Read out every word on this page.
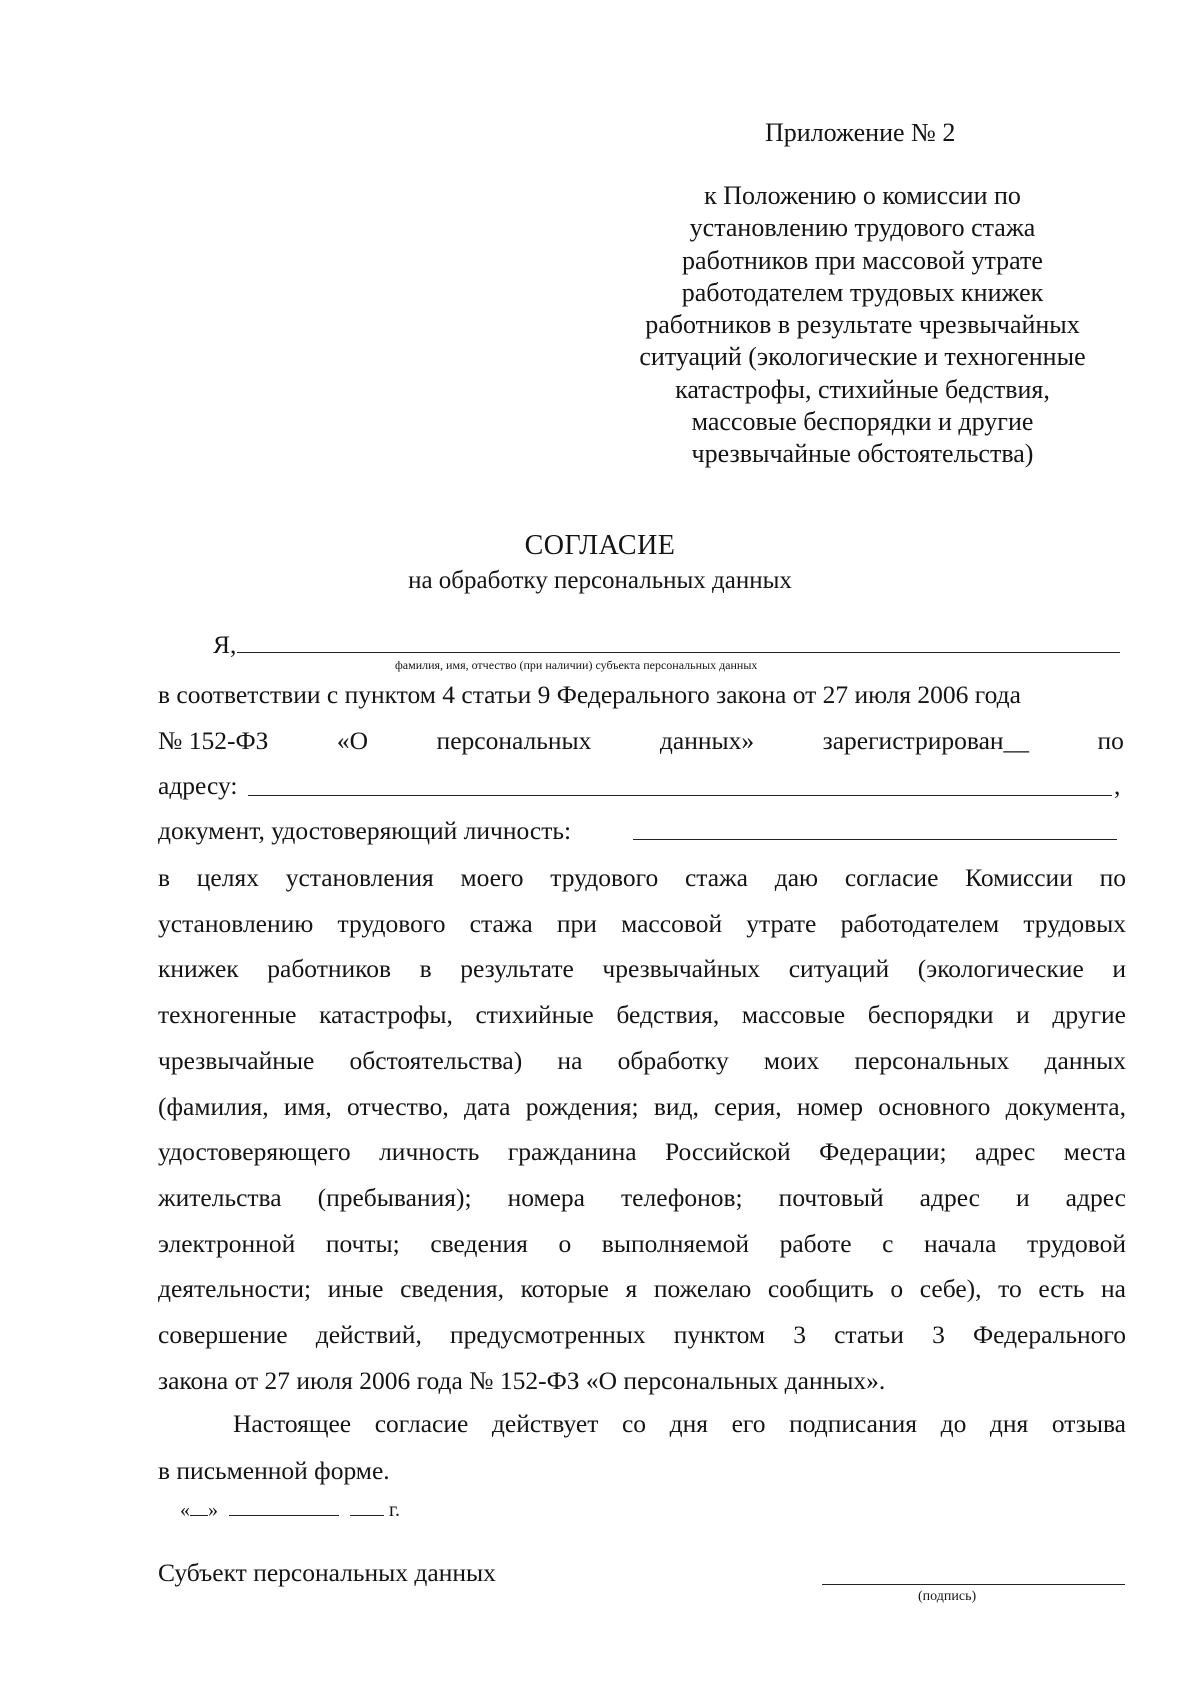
Приложение № 2
к Положению о комиссии по
установлению трудового стажа
работников при массовой утрате
работодателем трудовых книжек
работников в результате чрезвычайных
ситуаций (экологические и техногенные
катастрофы, стихийные бедствия,
массовые беспорядки и другие
чрезвычайные обстоятельства)
СОГЛАСИЕ
на обработку персональных данных
Я,
фамилия, имя, отчество (при наличии) субъекта персональных данных
в соответствии с пунктом 4 статьи 9 Федерального закона от 27 июля 2006 года
№ 152-ФЗ	«О	персональных	данных»	зарегистрирован__	по
адресу:	,
документ, удостоверяющий личность:
в целях установления моего трудового стажа даю согласие Комиссии по
установлению трудового стажа при массовой утрате работодателем трудовых
книжек работников в результате чрезвычайных ситуаций (экологические и
техногенные катастрофы, стихийные бедствия, массовые беспорядки и другие
чрезвычайные обстоятельства) на обработку моих персональных данных
(фамилия, имя, отчество, дата рождения; вид, серия, номер основного документа,
удостоверяющего личность гражданина Российской Федерации; адрес места
жительства (пребывания); номера телефонов; почтовый адрес и адрес
электронной почты; сведения о выполняемой работе с начала трудовой
деятельности; иные сведения, которые я пожелаю сообщить о себе), то есть на
совершение действий, предусмотренных пунктом 3 статьи 3 Федерального
закона от 27 июля 2006 года № 152-ФЗ «О персональных данных».
Настоящее согласие действует со дня его подписания до дня отзыва
в письменной форме.
« »	г.
Субъект персональных данных
(подпись)
